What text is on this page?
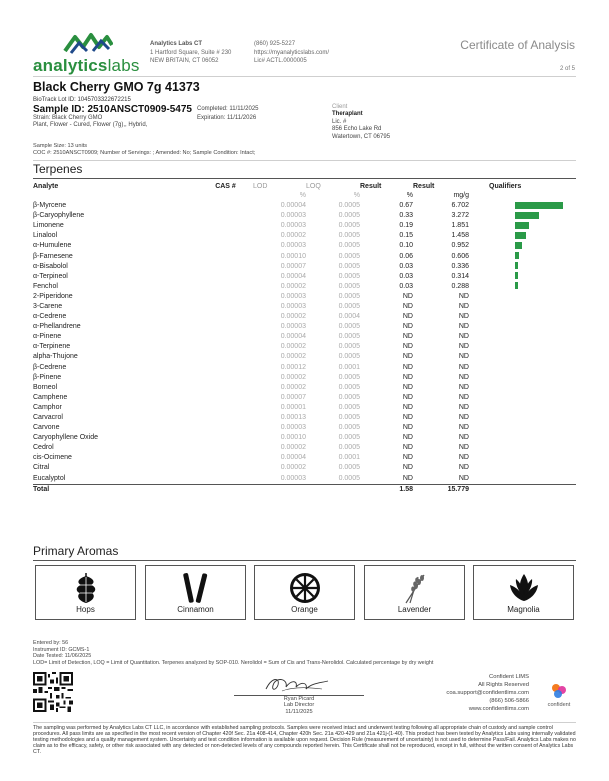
analyticslabs
Analytics Labs CT
1 Hartford Square, Suite # 230
NEW BRITAIN, CT 06052
(860) 925-5227
https://myanalyticslabs.com/
Lic# ACTL.0000005
Certificate of Analysis
2 of 5
Black Cherry GMO 7g 41373
BioTrack Lot ID: 1045703322672215
Sample ID: 2510ANSCT0909-5475 Completed: 11/11/2025
Expiration: 11/11/2026
Strain: Black Cherry GMO
Plant, Flower - Cured, Flower (7g),, Hybrid,
Client
Theraplant
Lic. #
856 Echo Lake Rd
Watertown, CT 06795
Sample Size: 13 units
COC #: 2510ANSCT0909; Number of Servings: ; Amended: No; Sample Condition: Intact;
Terpenes
Analyte	CAS #	LOD	LOQ	Result	Result	Qualifiers
		%	%	%	mg/g	
β-Myrcene		0.00004	0.0005	0.67	6.702	
β-Caryophyllene		0.00003	0.0005	0.33	3.272	
Limonene		0.00003	0.0005	0.19	1.851	
Linalool		0.00002	0.0005	0.15	1.458	
α-Humulene		0.00003	0.0005	0.10	0.952	
β-Farnesene		0.00010	0.0005	0.06	0.606	
α-Bisabolol		0.00007	0.0005	0.03	0.336	
α-Terpineol		0.00004	0.0005	0.03	0.314	
Fenchol		0.00002	0.0005	0.03	0.288	
2-Piperidone		0.00003	0.0005	ND	ND	
3-Carene		0.00003	0.0005	ND	ND	
α-Cedrene		0.00002	0.0004	ND	ND	
α-Phellandrene		0.00003	0.0005	ND	ND	
α-Pinene		0.00004	0.0005	ND	ND	
α-Terpinene		0.00002	0.0005	ND	ND	
alpha-Thujone		0.00002	0.0005	ND	ND	
β-Cedrene		0.00012	0.0001	ND	ND	
β-Pinene		0.00002	0.0005	ND	ND	
Borneol		0.00002	0.0005	ND	ND	
Camphene		0.00007	0.0005	ND	ND	
Camphor		0.00001	0.0005	ND	ND	
Carvacrol		0.00013	0.0005	ND	ND	
Carvone		0.00003	0.0005	ND	ND	
Caryophyllene Oxide		0.00010	0.0005	ND	ND	
Cedrol		0.00002	0.0005	ND	ND	
cis-Ocimene		0.00004	0.0001	ND	ND	
Citral		0.00002	0.0005	ND	ND	
Eucalyptol		0.00003	0.0005	ND	ND	
Total				1.58	15.779	
Primary Aromas
Hops	Cinnamon	Orange	Lavender	Magnolia
Entered by: 56
Instrument ID: GCMS-1
Date Tested: 11/06/2025
LOD= Limit of Detection, LOQ = Limit of Quantitation. Terpenes analyzed by SOP-010. Nerolidol = Sum of Cis and Trans-Nerolidol. Calculated percentage by dry weight
Ryan Picard
Lab Director
11/11/2025
Confident LIMS
All Rights Reserved
coa.support@confidentlims.com
(866) 506-5866
www.confidentlims.com
confident
The sampling was performed by Analytics Labs CT LLC, in accordance with established sampling protocols. Samples were received intact and underwent testing following all appropriate chain of custody and sample control procedures. All pass limits are as specified in the most recent version of Chapter 420f Sec. 21a 408-414, Chapter 420h Sec. 21a 420-429 and 21a 421j-(1-40). This product has been tested by Analytics Labs using internally validated testing methodologies and a quality management system. Uncertainty and test condition information is available upon request. Decision Rule (measurement of uncertainty) is not used to determine Pass/Fail. Analytics Labs makes no claim as to the efficacy, safety, or other risk associated with any detected or non-detected levels of any compounds reported herein. This Certificate shall not be reproduced, except in full, without the written consent of Analytics Labs CT.
